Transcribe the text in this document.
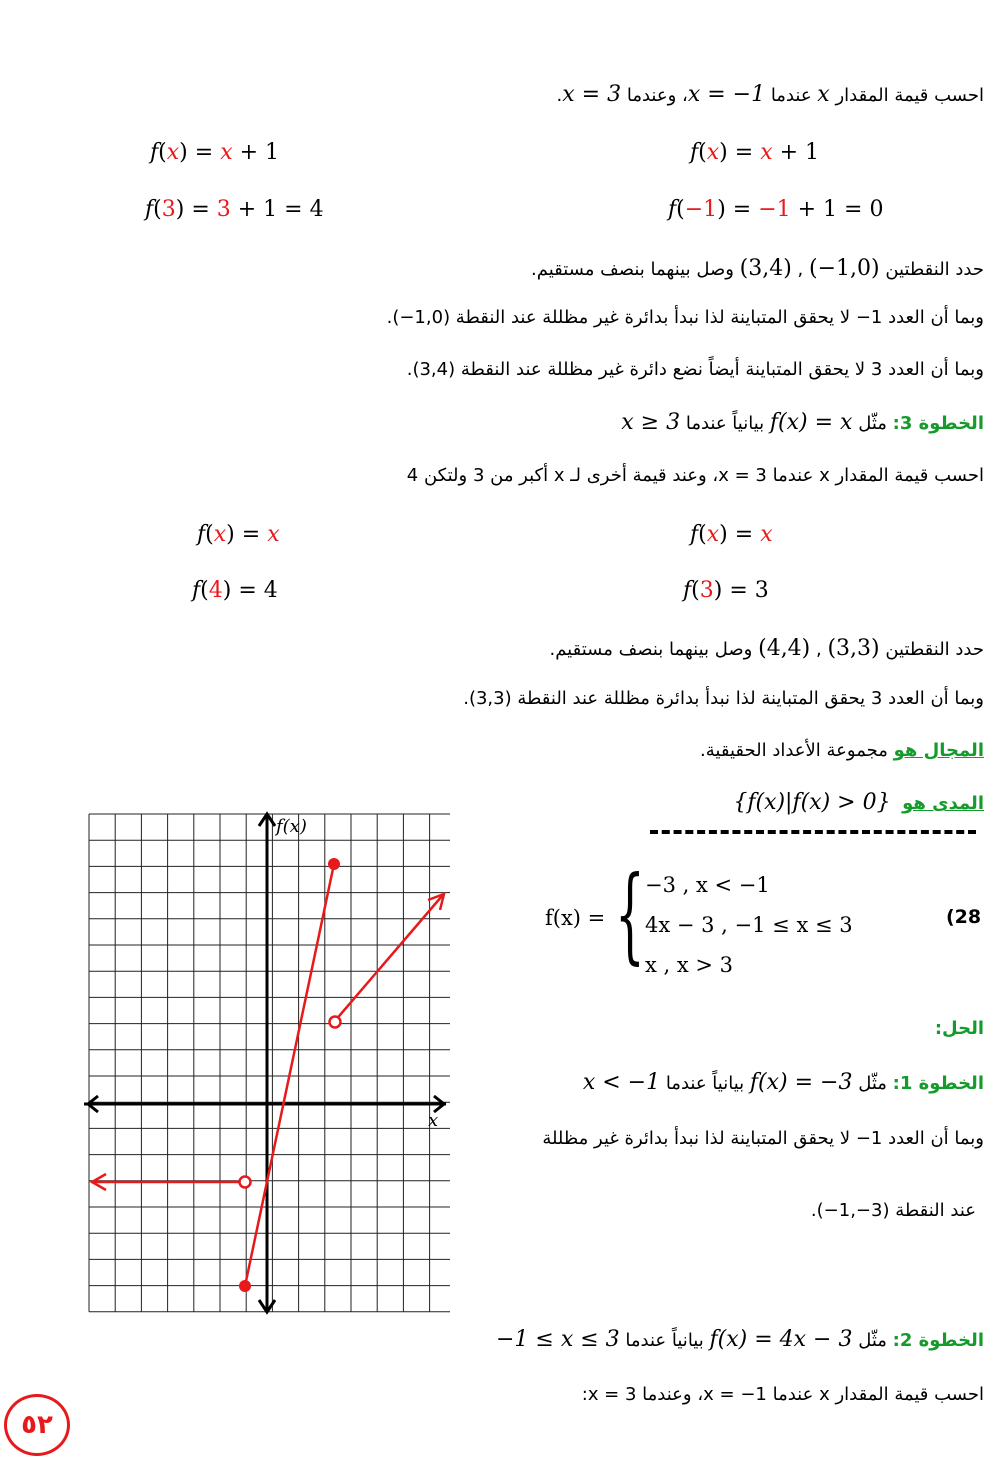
احسب قيمة المقدار x عندما x = −1، وعندما x = 3.
f(x) = x + 1
f(−1) = −1 + 1 = 0
f(x) = x + 1
f(3) = 3 + 1 = 4
حدد النقطتين (−1,0) , (3,4) وصل بينهما بنصف مستقيم.
وبما أن العدد 1− لا يحقق المتباينة لذا نبدأ بدائرة غير مظللة عند النقطة (1,0−).
وبما أن العدد 3 لا يحقق المتباينة أيضاً نضع دائرة غير مظللة عند النقطة (3,4).
الخطوة 3: مثّل f(x) = x بيانياً عندما x ≥ 3
احسب قيمة المقدار x عندما x = 3، وعند قيمة أخرى لـ x أكبر من 3 ولتكن 4
f(x) = x
f(3) = 3
f(x) = x
f(4) = 4
حدد النقطتين (3,3) , (4,4) وصل بينهما بنصف مستقيم.
وبما أن العدد 3 يحقق المتباينة لذا نبدأ بدائرة مظللة عند النقطة (3,3).
المجال هو مجموعة الأعداد الحقيقية.
المدى هو  {f(x)|f(x) > 0}
(28
f(x) = { −3 , x < −1
4x − 3 , −1 ≤ x ≤ 3
x , x > 3
الحل:
الخطوة 1: مثّل f(x) = −3 بيانياً عندما x < −1
وبما أن العدد 1− لا يحقق المتباينة لذا نبدأ بدائرة غير مظللة
عند النقطة (3−,1−).
الخطوة 2: مثّل f(x) = 4x − 3 بيانياً عندما −1 ≤ x ≤ 3
احسب قيمة المقدار x عندما x = −1، وعندما x = 3:
f(x)
x
٥٢
